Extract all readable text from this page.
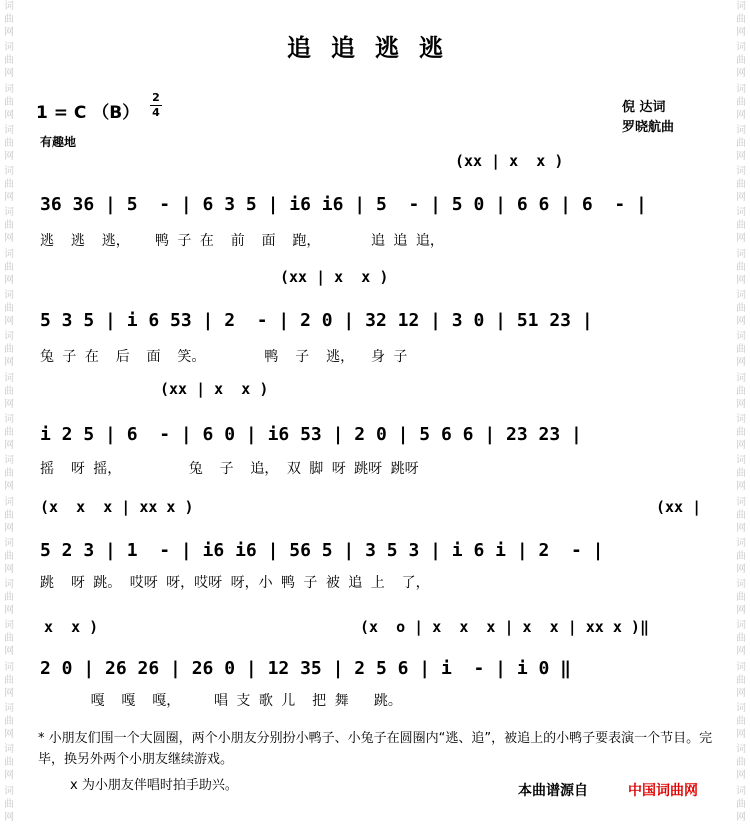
词
曲
网
词
曲
网
词
曲
网
词
曲
网
词
曲
网
词
曲
网
词
曲
网
词
曲
网
词
曲
网
词
曲
网
词
曲
网
词
曲
网
词
曲
网
词
曲
网
词
曲
网
词
曲
网
词
曲
网
词
曲
网
词
曲
网
词
曲
网
词
曲
网
词
曲
网
词
曲
网
词
曲
网
词
曲
网
词
曲
网
词
曲
网
词
曲
网
词
曲
网
词
曲
网
词
曲
网
词
曲
网
词
曲
网
词
曲
网
词
曲
网
词
曲
网
词
曲
网
词
曲
网
词
曲
网
词
曲
网
追追逃逃
1 = C （B）
2
4
有趣地
倪 达词
罗晓航曲
(xx | x  x )
36 36 | 5  - | 6 3 5 | i6 i6 | 5  - | 5 0 | 6 6 | 6  - |
逃  逃  逃，   鸭 子 在  前  面  跑，      追 追 追，
(xx | x  x )
5 3 5 | i 6 53 | 2  - | 2 0 | 32 12 | 3 0 | 51 23 |
兔 子 在  后  面  笑。       鸭  子  逃，  身 子
(xx | x  x )
i 2 5 | 6  - | 6 0 | i6 53 | 2 0 | 5 6 6 | 23 23 |
摇  呀 摇，        兔  子  追， 双 脚 呀 跳呀 跳呀
(x  x  x | xx x )	(xx |
5 2 3 | 1  - | i6 i6 | 56 5 | 3 5 3 | i 6 i | 2  - |
跳  呀 跳。 哎呀 呀，哎呀 呀，小 鸭 子 被 追 上  了，
x  x )	(x  o | x  x  x | x  x | xx x )‖
2 0 | 26 26 | 26 0 | 12 35 | 2 5 6 | i  - | i 0 ‖
嘎  嘎  嘎，    唱 支 歌 儿  把 舞   跳。
* 小朋友们围一个大圆圈，两个小朋友分别扮小鸭子、小兔子在圆圈内“逃、追”，被追上的小鸭子要表演一个节目。完毕，换另外两个小朋友继续游戏。
x 为小朋友伴唱时拍手助兴。	本曲谱源自	中国词曲网
